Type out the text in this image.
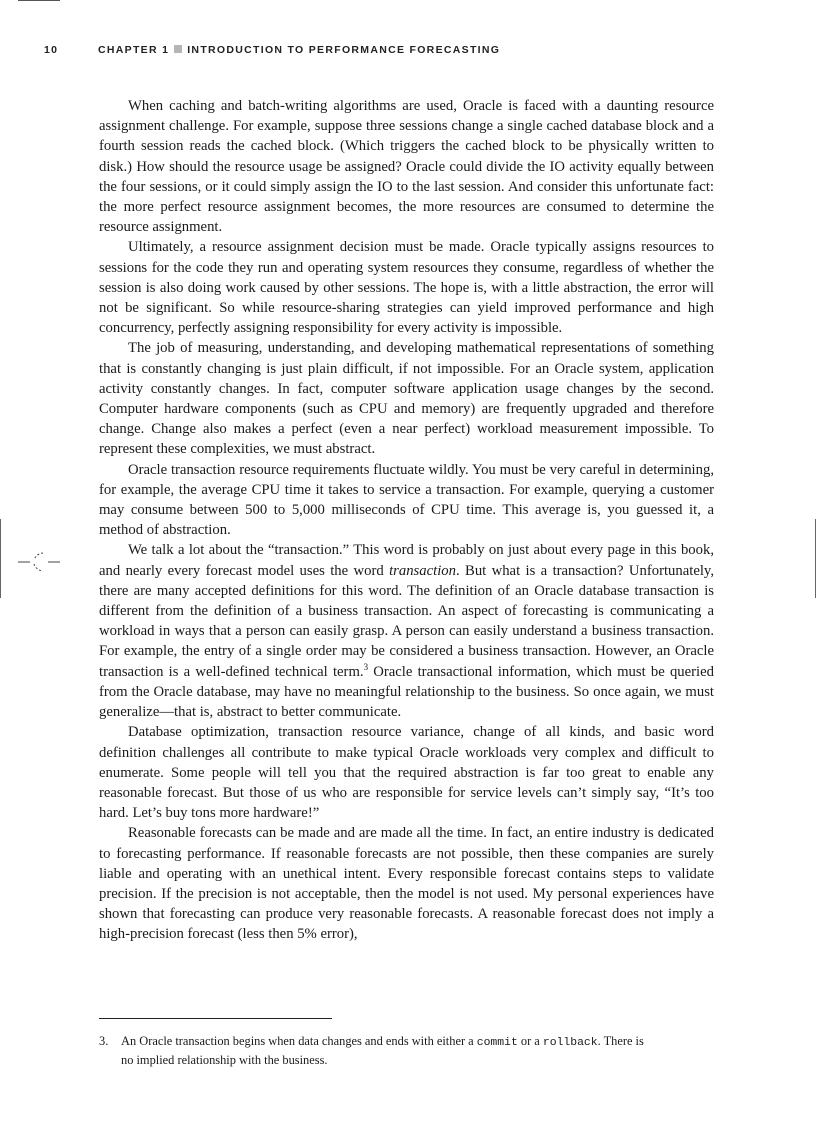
10	CHAPTER 1 INTRODUCTION TO PERFORMANCE FORECASTING

When caching and batch-writing algorithms are used, Oracle is faced with a daunting resource assignment challenge. For example, suppose three sessions change a single cached database block and a fourth session reads the cached block. (Which triggers the cached block to be physically written to disk.) How should the resource usage be assigned? Oracle could divide the IO activity equally between the four sessions, or it could simply assign the IO to the last session. And consider this unfortunate fact: the more perfect resource assignment becomes, the more resources are consumed to determine the resource assignment.

Ultimately, a resource assignment decision must be made. Oracle typically assigns resources to sessions for the code they run and operating system resources they consume, regardless of whether the session is also doing work caused by other sessions. The hope is, with a little abstraction, the error will not be significant. So while resource-sharing strategies can yield improved performance and high concurrency, perfectly assigning responsibility for every activity is impossible.

The job of measuring, understanding, and developing mathematical representations of something that is constantly changing is just plain difficult, if not impossible. For an Oracle system, application activity constantly changes. In fact, computer software application usage changes by the second. Computer hardware components (such as CPU and memory) are frequently upgraded and therefore change. Change also makes a perfect (even a near perfect) workload measurement impossible. To represent these complexities, we must abstract.

Oracle transaction resource requirements fluctuate wildly. You must be very careful in determining, for example, the average CPU time it takes to service a transaction. For example, querying a customer may consume between 500 to 5,000 milliseconds of CPU time. This average is, you guessed it, a method of abstraction.

We talk a lot about the “transaction.” This word is probably on just about every page in this book, and nearly every forecast model uses the word transaction. But what is a transaction? Unfortunately, there are many accepted definitions for this word. The definition of an Oracle database transaction is different from the definition of a business transaction. An aspect of forecasting is communicating a workload in ways that a person can easily grasp. A person can easily understand a business transaction. For example, the entry of a single order may be considered a business transaction. However, an Oracle transaction is a well-defined technical term.$^3$ Oracle transactional information, which must be queried from the Oracle database, may have no meaningful relationship to the business. So once again, we must generalize—that is, abstract to better communicate.

Database optimization, transaction resource variance, change of all kinds, and basic word definition challenges all contribute to make typical Oracle workloads very complex and difficult to enumerate. Some people will tell you that the required abstraction is far too great to enable any reasonable forecast. But those of us who are responsible for service levels can’t simply say, “It’s too hard. Let’s buy tons more hardware!”

Reasonable forecasts can be made and are made all the time. In fact, an entire industry is dedicated to forecasting performance. If reasonable forecasts are not possible, then these companies are surely liable and operating with an unethical intent. Every responsible forecast contains steps to validate precision. If the precision is not acceptable, then the model is not used. My personal experiences have shown that forecasting can produce very reasonable forecasts. A reasonable forecast does not imply a high-precision forecast (less then 5% error),

3. An Oracle transaction begins when data changes and ends with either a commit or a rollback. There is
no implied relationship with the business.
